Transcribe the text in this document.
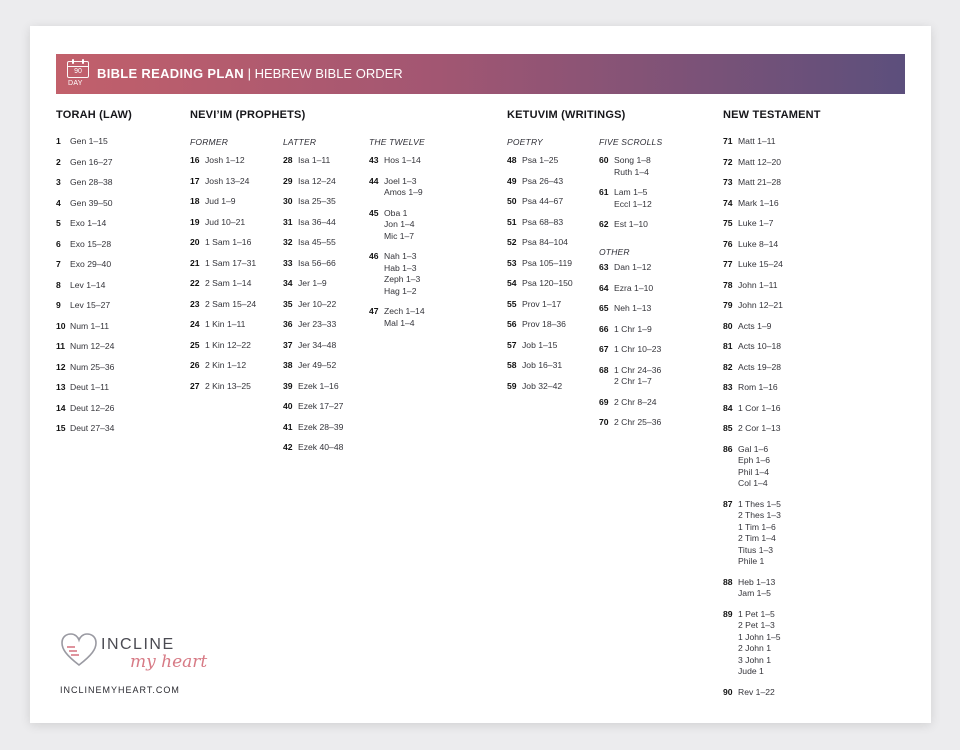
90
DAY
BIBLE READING PLAN | HEBREW BIBLE ORDER
TORAH (LAW)	NEVI’IM (PROPHETS)	KETUVIM (WRITINGS)	NEW TESTAMENT
FORMER	LATTER	THE TWELVE	POETRY	FIVE SCROLLS
OTHER
1 Gen 1–15
2 Gen 16–27
3 Gen 28–38
4 Gen 39–50
5 Exo 1–14
6 Exo 15–28
7 Exo 29–40
8 Lev 1–14
9 Lev 15–27
10 Num 1–11
11 Num 12–24
12 Num 25–36
13 Deut 1–11
14 Deut 12–26
15 Deut 27–34
16 Josh 1–12
17 Josh 13–24
18 Jud 1–9
19 Jud 10–21
20 1 Sam 1–16
21 1 Sam 17–31
22 2 Sam 1–14
23 2 Sam 15–24
24 1 Kin 1–11
25 1 Kin 12–22
26 2 Kin 1–12
27 2 Kin 13–25
28 Isa 1–11
29 Isa 12–24
30 Isa 25–35
31 Isa 36–44
32 Isa 45–55
33 Isa 56–66
34 Jer 1–9
35 Jer 10–22
36 Jer 23–33
37 Jer 34–48
38 Jer 49–52
39 Ezek 1–16
40 Ezek 17–27
41 Ezek 28–39
42 Ezek 40–48
43 Hos 1–14
44 Joel 1–3
Amos 1–9
45 Oba 1
Jon 1–4
Mic 1–7
46 Nah 1–3
Hab 1–3
Zeph 1–3
Hag 1–2
47 Zech 1–14
Mal 1–4
48 Psa 1–25
49 Psa 26–43
50 Psa 44–67
51 Psa 68–83
52 Psa 84–104
53 Psa 105–119
54 Psa 120–150
55 Prov 1–17
56 Prov 18–36
57 Job 1–15
58 Job 16–31
59 Job 32–42
60 Song 1–8
Ruth 1–4
61 Lam 1–5
Eccl 1–12
62 Est 1–10
63 Dan 1–12
64 Ezra 1–10
65 Neh 1–13
66 1 Chr 1–9
67 1 Chr 10–23
68 1 Chr 24–36
2 Chr 1–7
69 2 Chr 8–24
70 2 Chr 25–36
71 Matt 1–11
72 Matt 12–20
73 Matt 21–28
74 Mark 1–16
75 Luke 1–7
76 Luke 8–14
77 Luke 15–24
78 John 1–11
79 John 12–21
80 Acts 1–9
81 Acts 10–18
82 Acts 19–28
83 Rom 1–16
84 1 Cor 1–16
85 2 Cor 1–13
86 Gal 1–6
Eph 1–6
Phil 1–4
Col 1–4
87 1 Thes 1–5
2 Thes 1–3
1 Tim 1–6
2 Tim 1–4
Titus 1–3
Phile 1
88 Heb 1–13
Jam 1–5
89 1 Pet 1–5
2 Pet 1–3
1 John 1–5
2 John 1
3 John 1
Jude 1
90 Rev 1–22
INCLINE
my heart
INCLINEMYHEART.COM
